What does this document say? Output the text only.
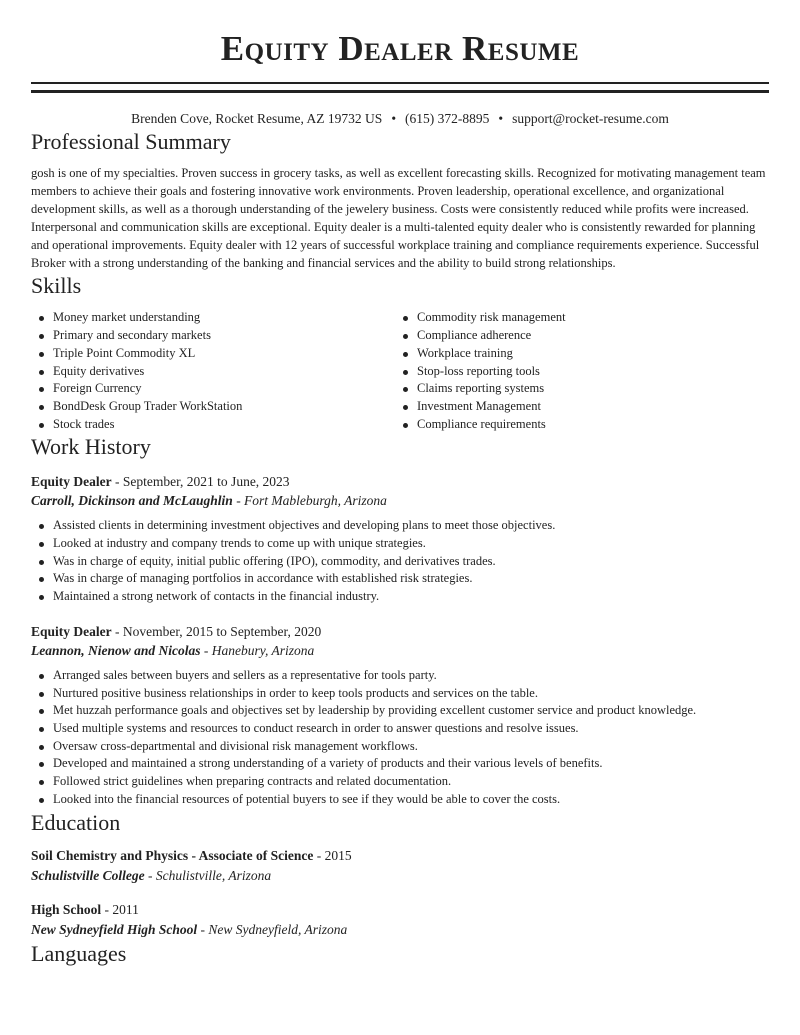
Equity Dealer Resume
Brenden Cove, Rocket Resume, AZ 19732 US • (615) 372-8895 • support@rocket-resume.com
Professional Summary

gosh is one of my specialties. Proven success in grocery tasks, as well as excellent forecasting skills. Recognized for motivating management team members to achieve their goals and fostering innovative work environments. Proven leadership, operational excellence, and organizational development skills, as well as a thorough understanding of the jewelery business. Costs were consistently reduced while profits were increased. Interpersonal and communication skills are exceptional. Equity dealer is a multi-talented equity dealer who is consistently rewarded for planning and operational improvements. Equity dealer with 12 years of successful workplace training and compliance requirements experience. Successful Broker with a strong understanding of the banking and financial services and the ability to build strong relationships.

Skills
Money market understanding
Primary and secondary markets
Triple Point Commodity XL
Equity derivatives
Foreign Currency
BondDesk Group Trader WorkStation
Stock trades
Commodity risk management
Compliance adherence
Workplace training
Stop-loss reporting tools
Claims reporting systems
Investment Management
Compliance requirements
Work History
Equity Dealer - September, 2021 to June, 2023
Carroll, Dickinson and McLaughlin - Fort Mableburgh, Arizona
Assisted clients in determining investment objectives and developing plans to meet those objectives.
Looked at industry and company trends to come up with unique strategies.
Was in charge of equity, initial public offering (IPO), commodity, and derivatives trades.
Was in charge of managing portfolios in accordance with established risk strategies.
Maintained a strong network of contacts in the financial industry.
Equity Dealer - November, 2015 to September, 2020
Leannon, Nienow and Nicolas - Hanebury, Arizona
Arranged sales between buyers and sellers as a representative for tools party.
Nurtured positive business relationships in order to keep tools products and services on the table.
Met huzzah performance goals and objectives set by leadership by providing excellent customer service and product knowledge.
Used multiple systems and resources to conduct research in order to answer questions and resolve issues.
Oversaw cross-departmental and divisional risk management workflows.
Developed and maintained a strong understanding of a variety of products and their various levels of benefits.
Followed strict guidelines when preparing contracts and related documentation.
Looked into the financial resources of potential buyers to see if they would be able to cover the costs.
Education
Soil Chemistry and Physics - Associate of Science - 2015
Schulistville College - Schulistville, Arizona
High School - 2011
New Sydneyfield High School - New Sydneyfield, Arizona
Languages
